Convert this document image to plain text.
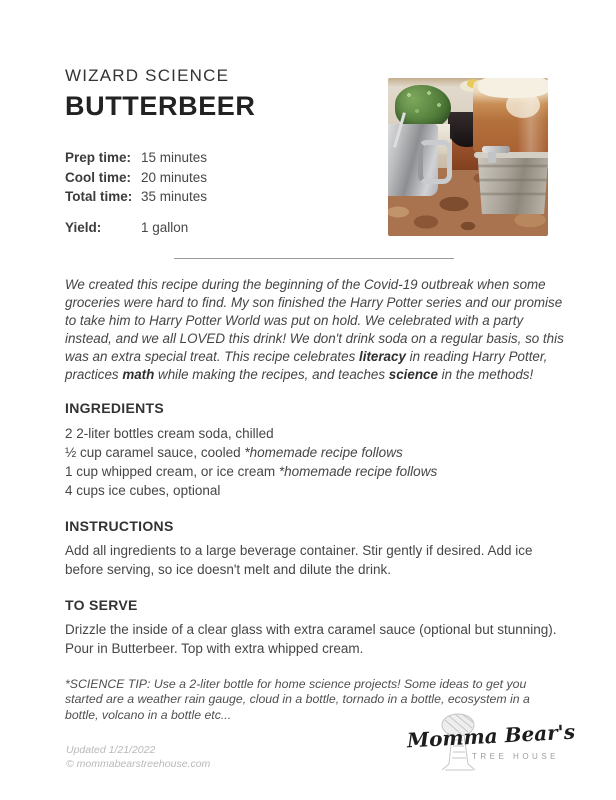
WIZARD SCIENCE
BUTTERBEER
Prep time: 15 minutes
Cool time: 20 minutes
Total time: 35 minutes
Yield:	1 gallon

We created this recipe during the beginning of the Covid-19 outbreak when some groceries were hard to find. My son finished the Harry Potter series and our promise to take him to Harry Potter World was put on hold. We celebrated with a party instead, and we all LOVED this drink! We don't drink soda on a regular basis, so this was an extra special treat. This recipe celebrates literacy in reading Harry Potter, practices math while making the recipes, and teaches science in the methods!

INGREDIENTS
2 2-liter bottles cream soda, chilled
½ cup caramel sauce, cooled *homemade recipe follows
1 cup whipped cream, or ice cream *homemade recipe follows
4 cups ice cubes, optional
INSTRUCTIONS

Add all ingredients to a large beverage container. Stir gently if desired. Add ice before serving, so ice doesn't melt and dilute the drink.

TO SERVE

Drizzle the inside of a clear glass with extra caramel sauce (optional but stunning). Pour in Butterbeer. Top with extra whipped cream.

*SCIENCE TIP: Use a 2-liter bottle for home science projects! Some ideas to get you started are a weather rain gauge, cloud in a bottle, tornado in a bottle, ecosystem in a bottle, volcano in a bottle etc...

Updated 1/21/2022
© mommabearstreehouse.com
Momma Bear's
TREE HOUSE
